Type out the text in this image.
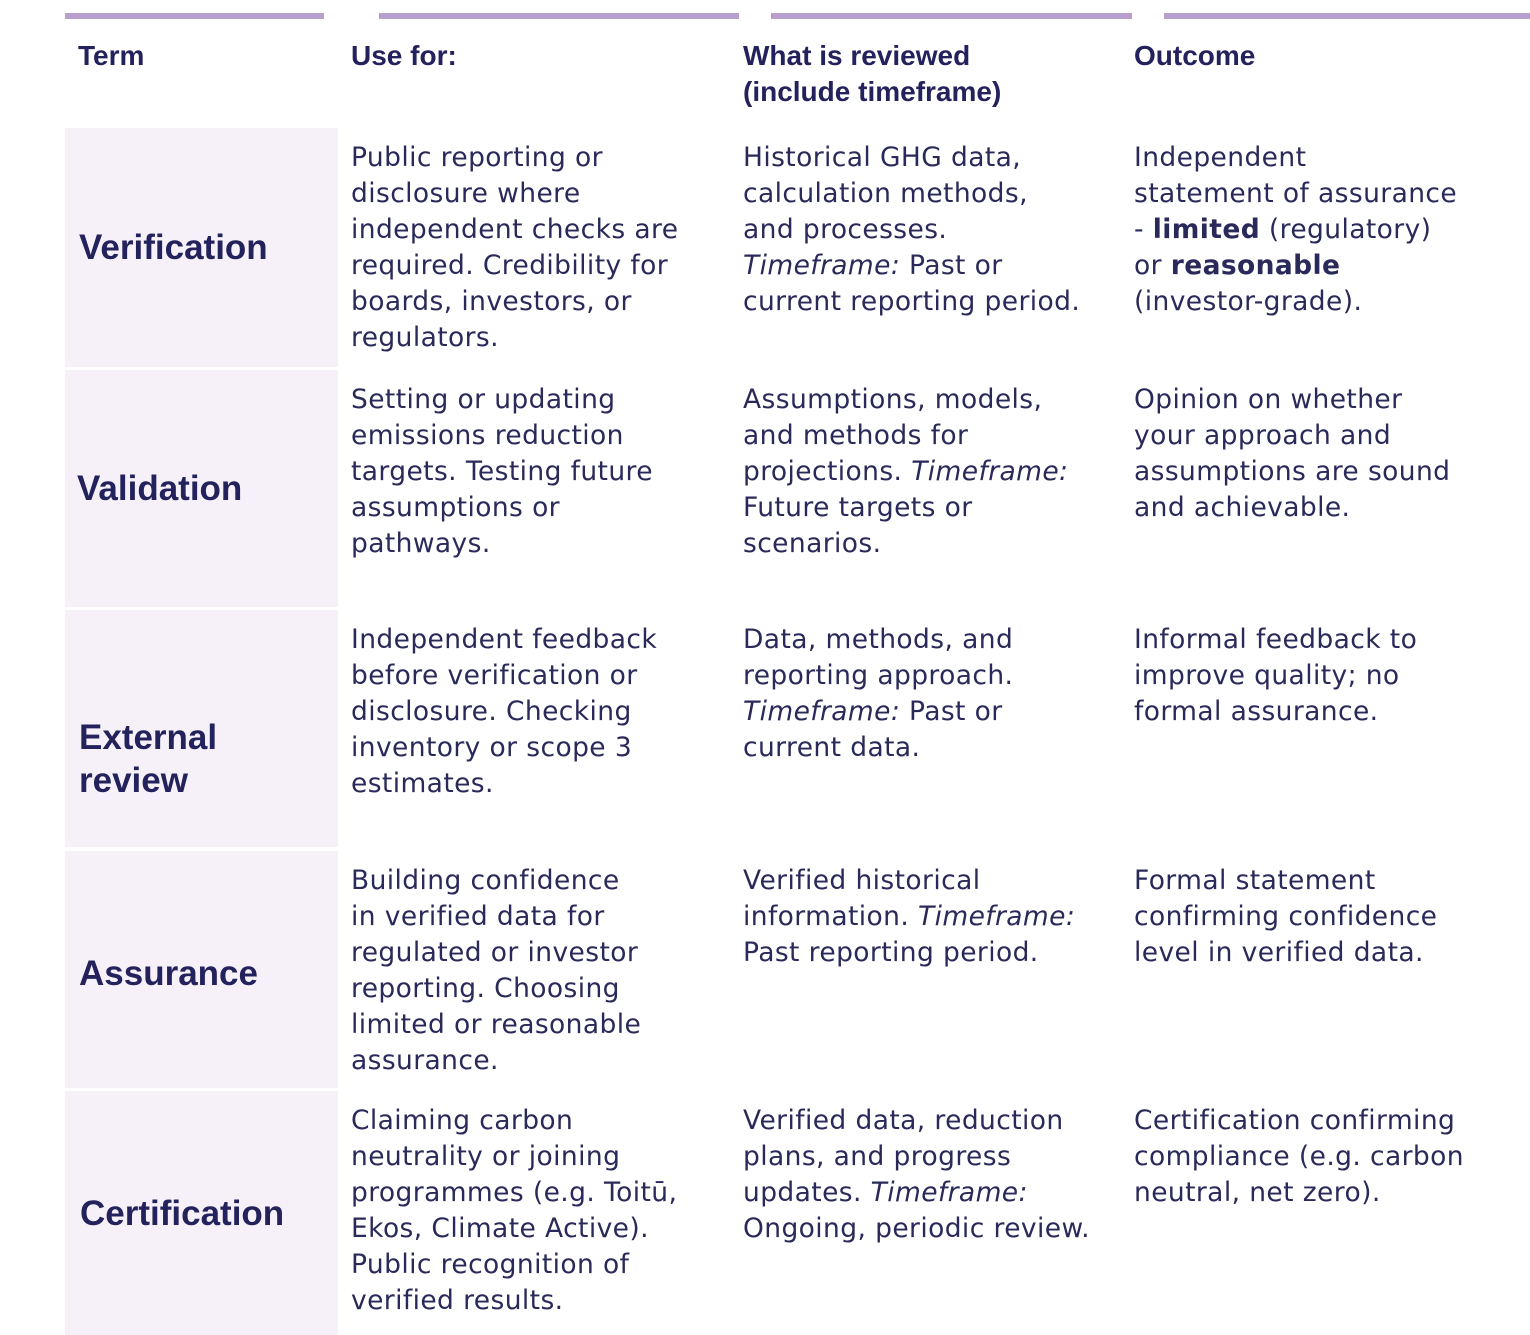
Term	Use for:	What is reviewed
(include timeframe)
Outcome
Verification
Public reporting or
disclosure where
independent checks are
required. Credibility for
boards, investors, or
regulators.
Historical GHG data,
calculation methods,
and processes.
Timeframe: Past or
current reporting period.
Independent
statement of assurance
- limited (regulatory)
or reasonable
(investor-grade).
Validation
Setting or updating
emissions reduction
targets. Testing future
assumptions or
pathways.
Assumptions, models,
and methods for
projections. Timeframe:
Future targets or
scenarios.
Opinion on whether
your approach and
assumptions are sound
and achievable.
External
review
Independent feedback
before verification or
disclosure. Checking
inventory or scope 3
estimates.
Data, methods, and
reporting approach.
Timeframe: Past or
current data.
Informal feedback to
improve quality; no
formal assurance.
Assurance
Building confidence
in verified data for
regulated or investor
reporting. Choosing
limited or reasonable
assurance.
Verified historical
information. Timeframe:
Past reporting period.
Formal statement
confirming confidence
level in verified data.
Certification
Claiming carbon
neutrality or joining
programmes (e.g. Toitū,
Ekos, Climate Active).
Public recognition of
verified results.
Verified data, reduction
plans, and progress
updates. Timeframe:
Ongoing, periodic review.
Certification confirming
compliance (e.g. carbon
neutral, net zero).
